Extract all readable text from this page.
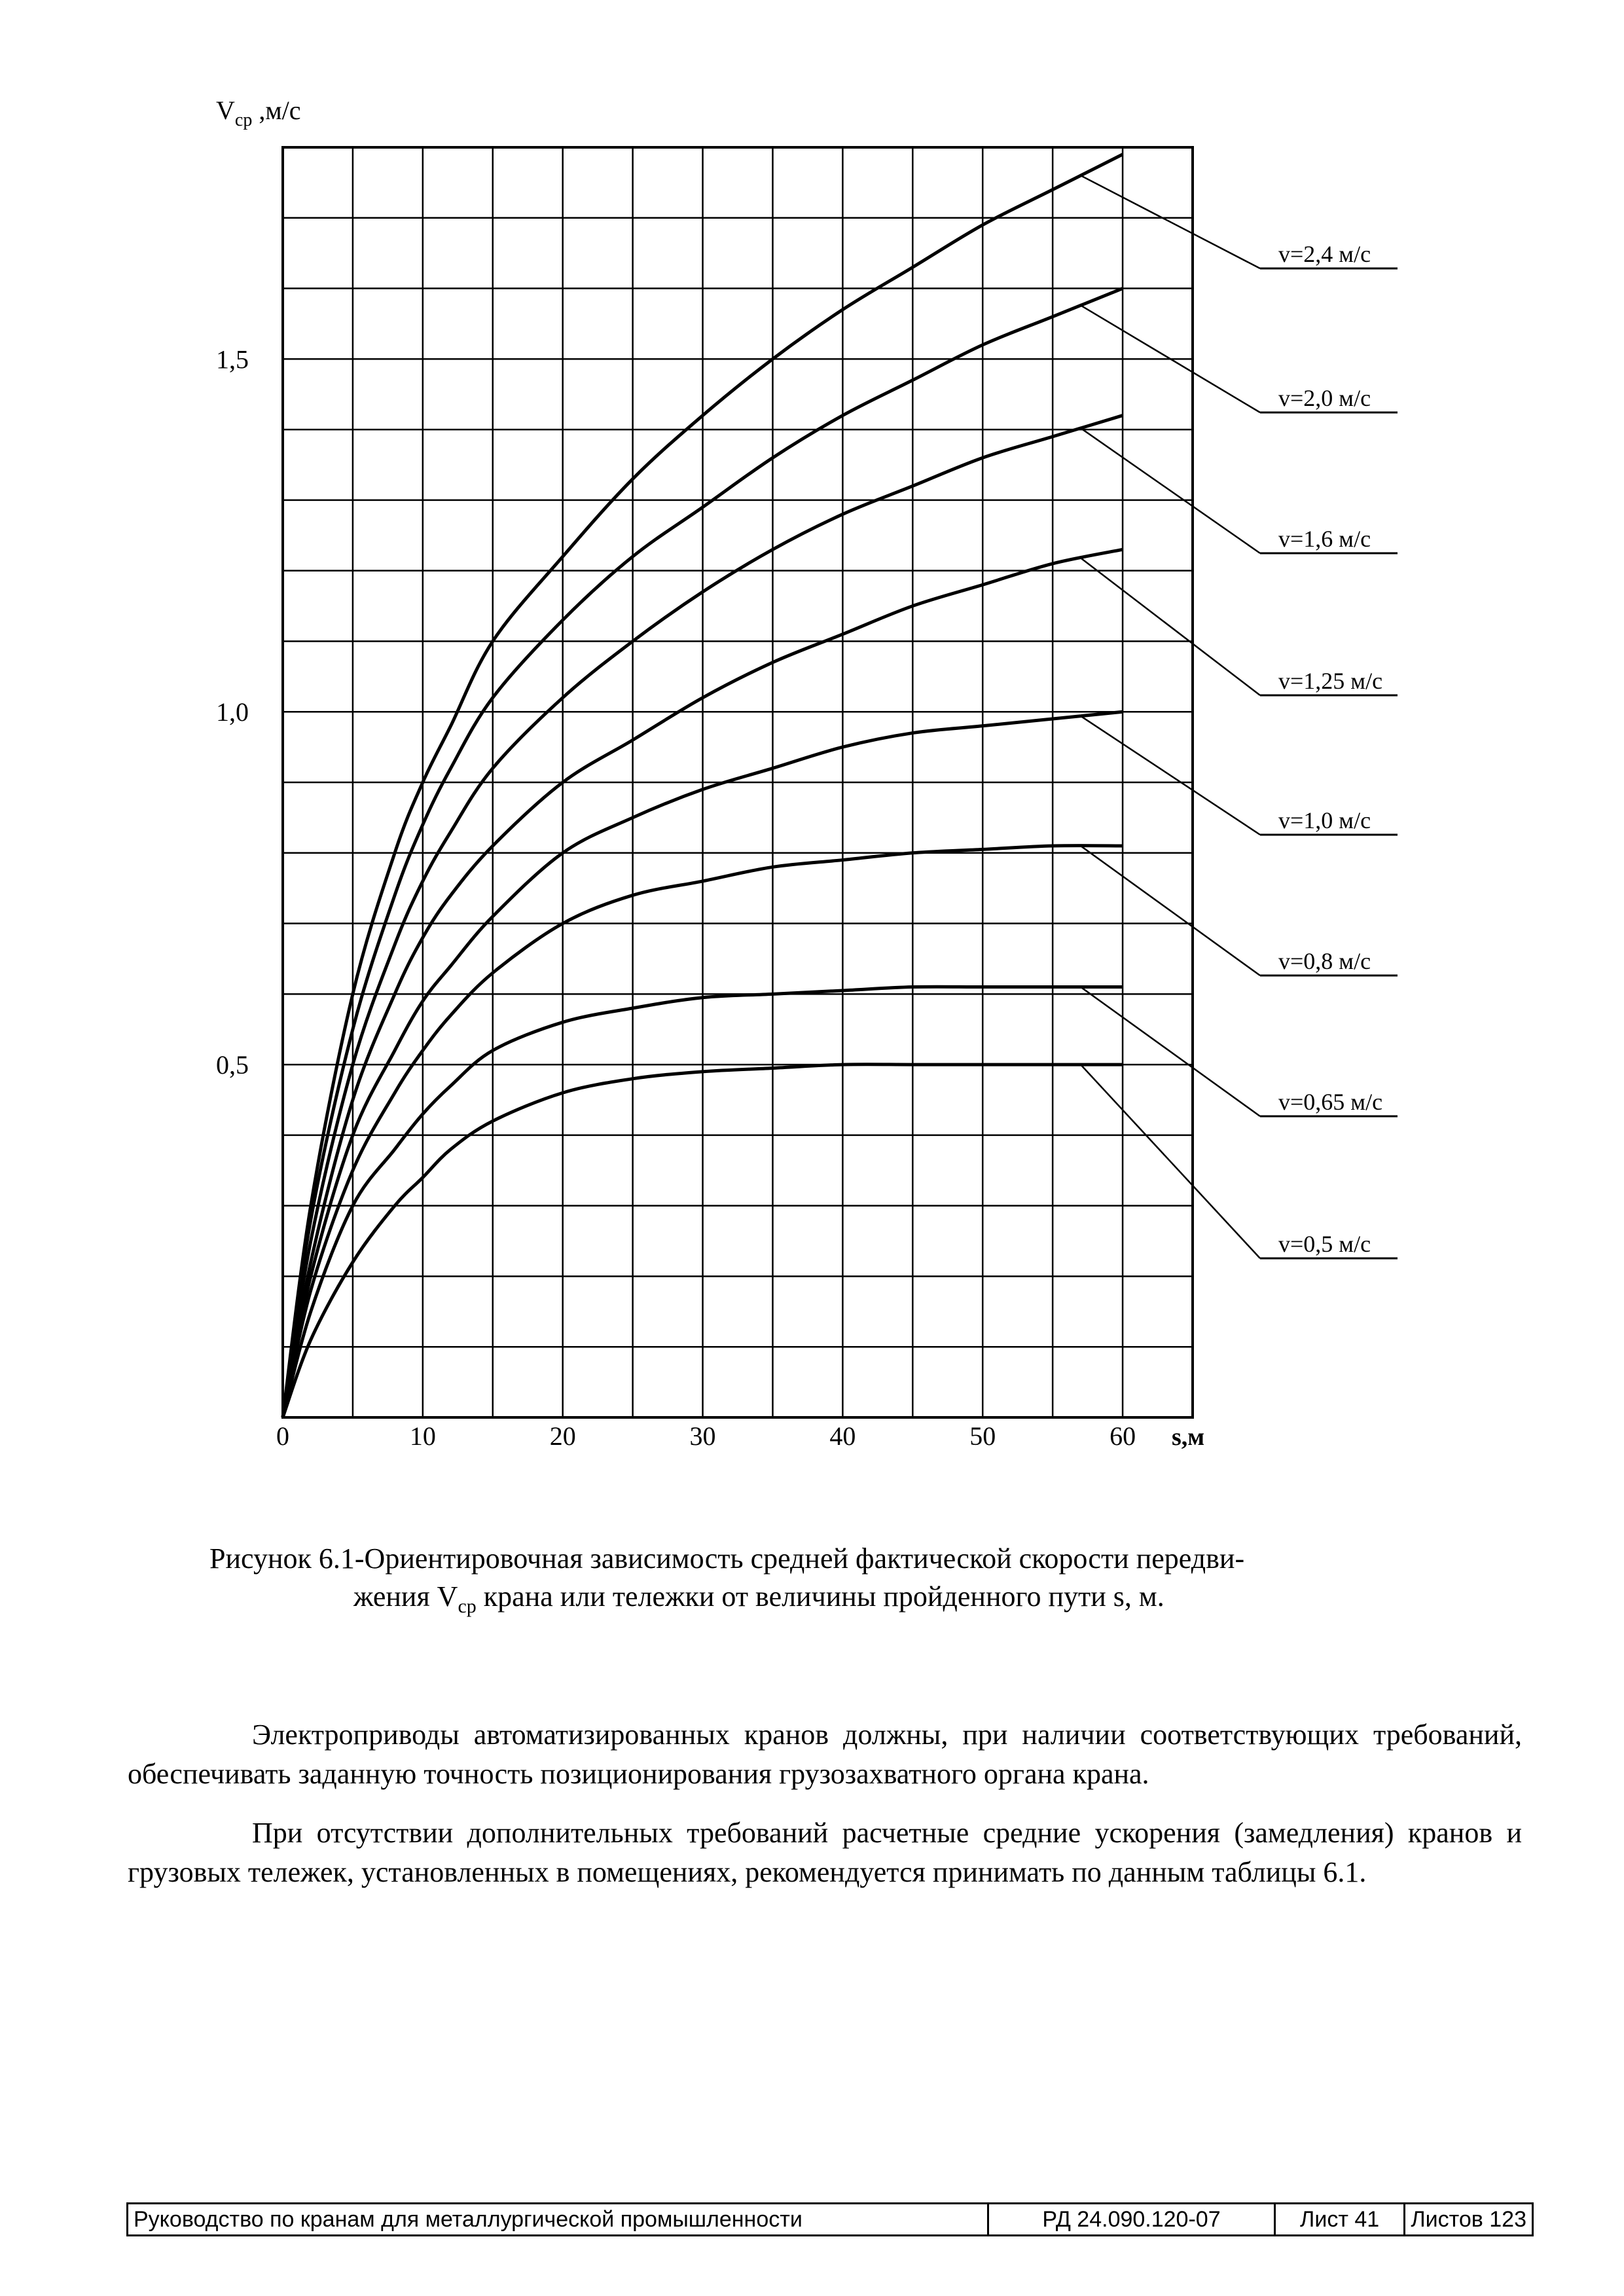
v=2,4 м/с
v=2,0 м/с
v=1,6 м/с
v=1,25 м/с
v=1,0 м/с
v=0,8 м/с
v=0,65 м/с
v=0,5 м/с
0	10	20	30	40	50	60
0,5
1,0
1,5
$V_{ср}$ ,м/с
s,м
Рисунок 6.1-Ориентировочная зависимость средней фактической скорости передви-
жения $V_{ср}$ крана или тележки от величины пройденного пути s, м.
Электроприводы автоматизированных кранов должны, при наличии соответствующих требований, обеспечивать заданную точность позиционирования грузозахватного органа крана.
При отсутствии дополнительных требований расчетные средние ускорения (замедления) кранов и грузовых тележек, установленных в помещениях, рекомендуется принимать по данным таблицы 6.1.
Руководство по кранам для металлургической промышленности	РД 24.090.120-07	Лист 41	Листов 123
